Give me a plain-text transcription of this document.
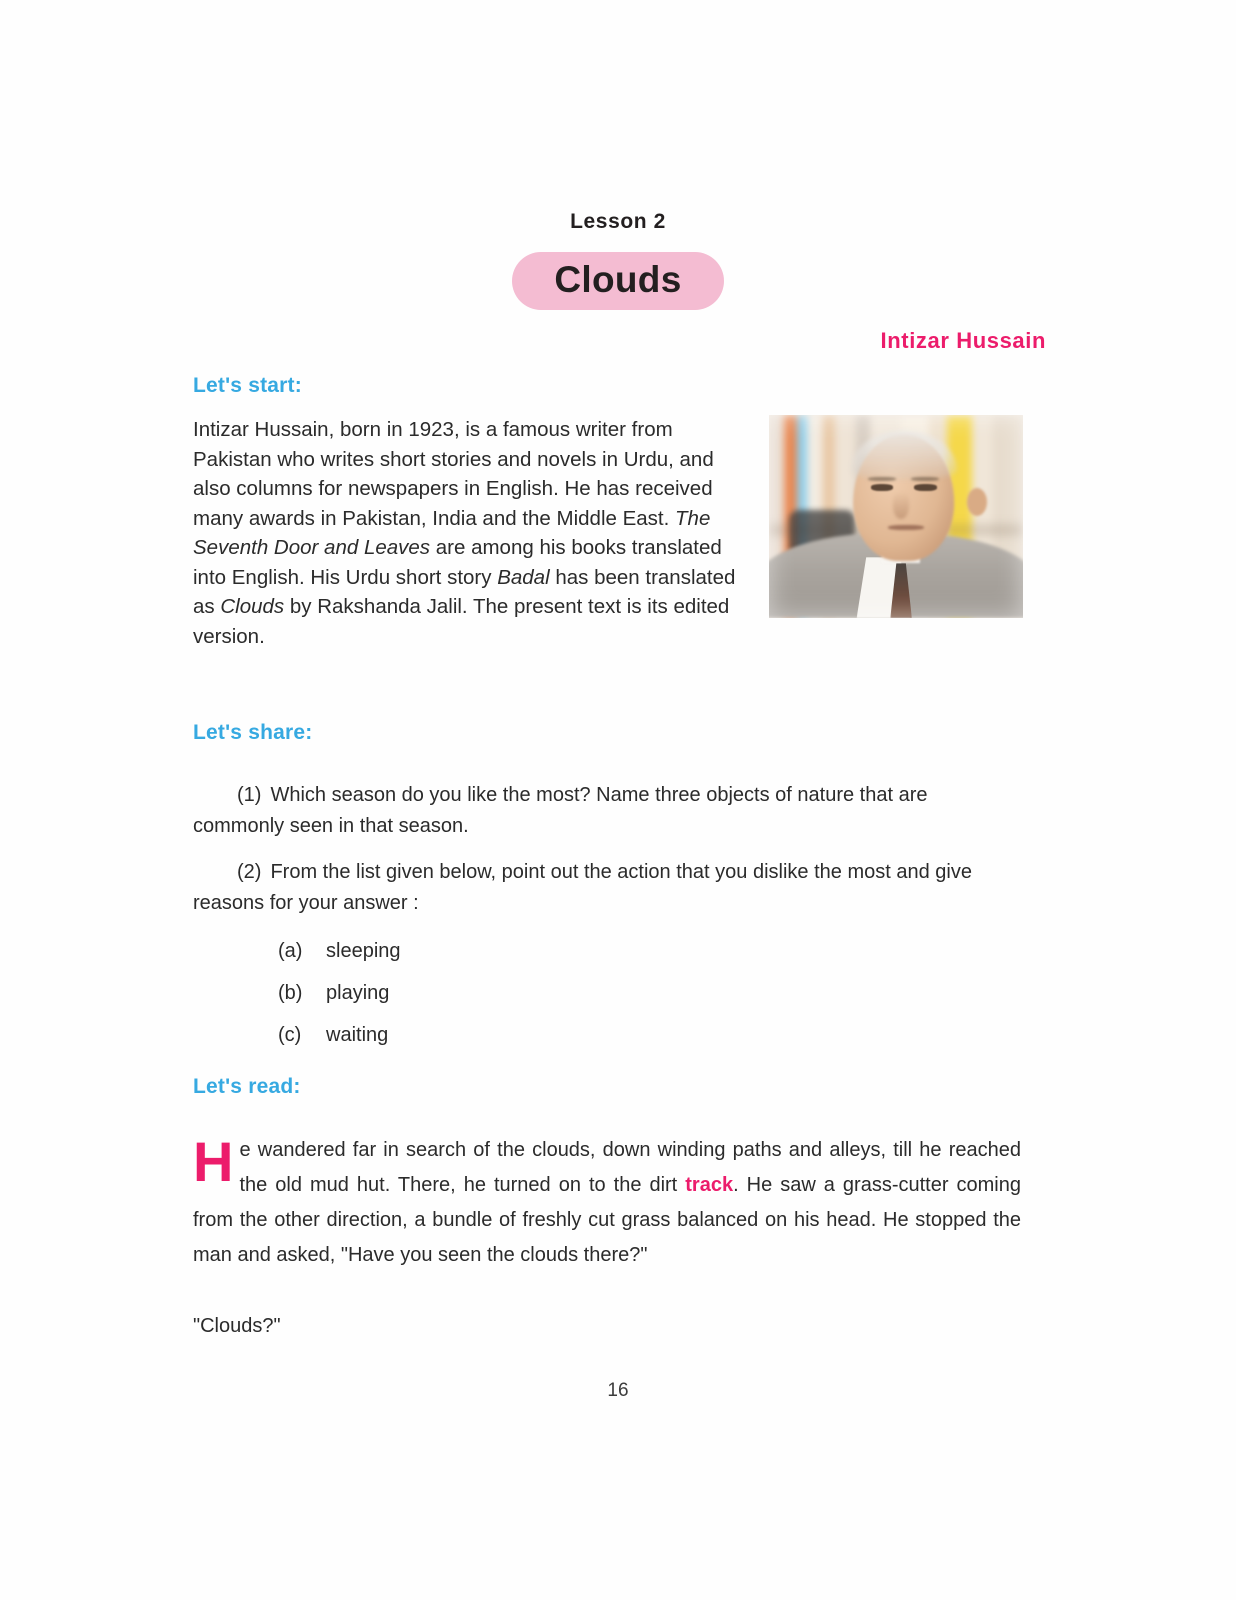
Lesson 2
Clouds
Intizar Hussain
Let's start:
Intizar Hussain, born in 1923, is a famous writer from Pakistan who writes short stories and novels in Urdu, and also columns for newspapers in English. He has received many awards in Pakistan, India and the Middle East. The Seventh Door and Leaves are among his books translated into English. His Urdu short story Badal has been translated as Clouds by Rakshanda Jalil. The present text is its edited version.
Let's share:
(1) Which season do you like the most? Name three objects of nature that are commonly seen in that season.
(2) From the list given below, point out the action that you dislike the most and give reasons for your answer :
(a) sleeping
(b) playing
(c) waiting
Let's read:
He wandered far in search of the clouds, down winding paths and alleys, till he reached the old mud hut. There, he turned on to the dirt track. He saw a grass-cutter coming from the other direction, a bundle of freshly cut grass balanced on his head. He stopped the man and asked, "Have you seen the clouds there?"
"Clouds?"
16
